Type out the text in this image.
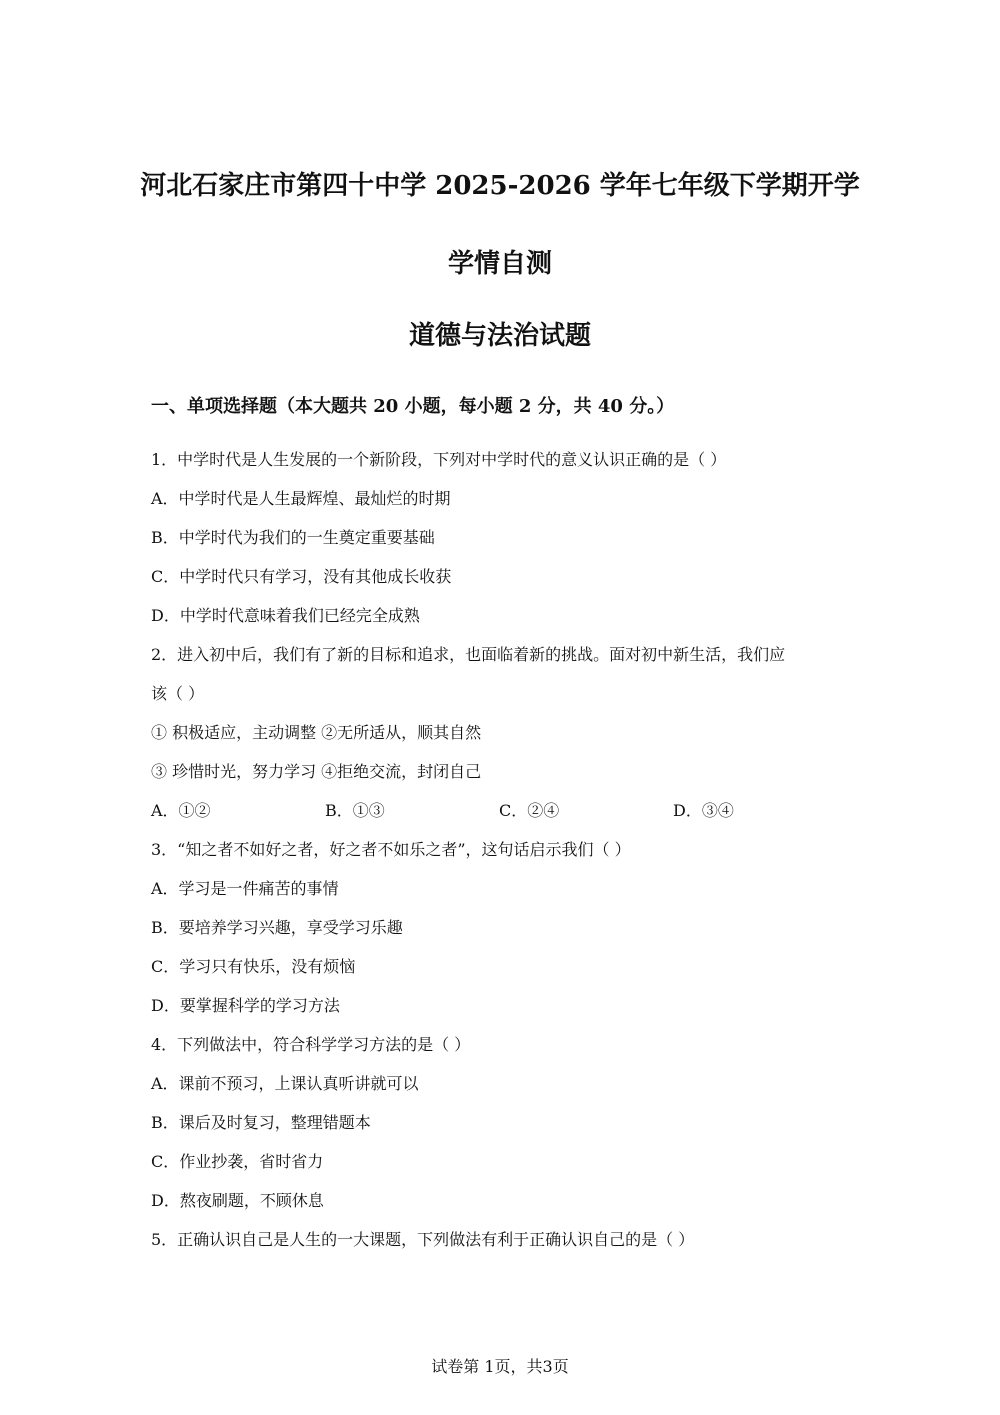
河北石家庄市第四十中学 2025-2026 学年七年级下学期开学
学情自测
道德与法治试题
一、单项选择题（本大题共 20 小题，每小题 2 分，共 40 分。）
1．中学时代是人生发展的一个新阶段，下列对中学时代的意义认识正确的是（ ）
A．中学时代是人生最辉煌、最灿烂的时期
B．中学时代为我们的一生奠定重要基础
C．中学时代只有学习，没有其他成长收获
D．中学时代意味着我们已经完全成熟
2．进入初中后，我们有了新的目标和追求，也面临着新的挑战。面对初中新生活，我们应
该（ ）
① 积极适应，主动调整 ②无所适从，顺其自然
③ 珍惜时光，努力学习 ④拒绝交流，封闭自己
A．①②	B．①③	C．②④	D．③④
3．“知之者不如好之者，好之者不如乐之者”，这句话启示我们（ ）
A．学习是一件痛苦的事情
B．要培养学习兴趣，享受学习乐趣
C．学习只有快乐，没有烦恼
D．要掌握科学的学习方法
4．下列做法中，符合科学学习方法的是（ ）
A．课前不预习，上课认真听讲就可以
B．课后及时复习，整理错题本
C．作业抄袭，省时省力
D．熬夜刷题，不顾休息
5．正确认识自己是人生的一大课题，下列做法有利于正确认识自己的是（ ）
试卷第 1页，共3页
